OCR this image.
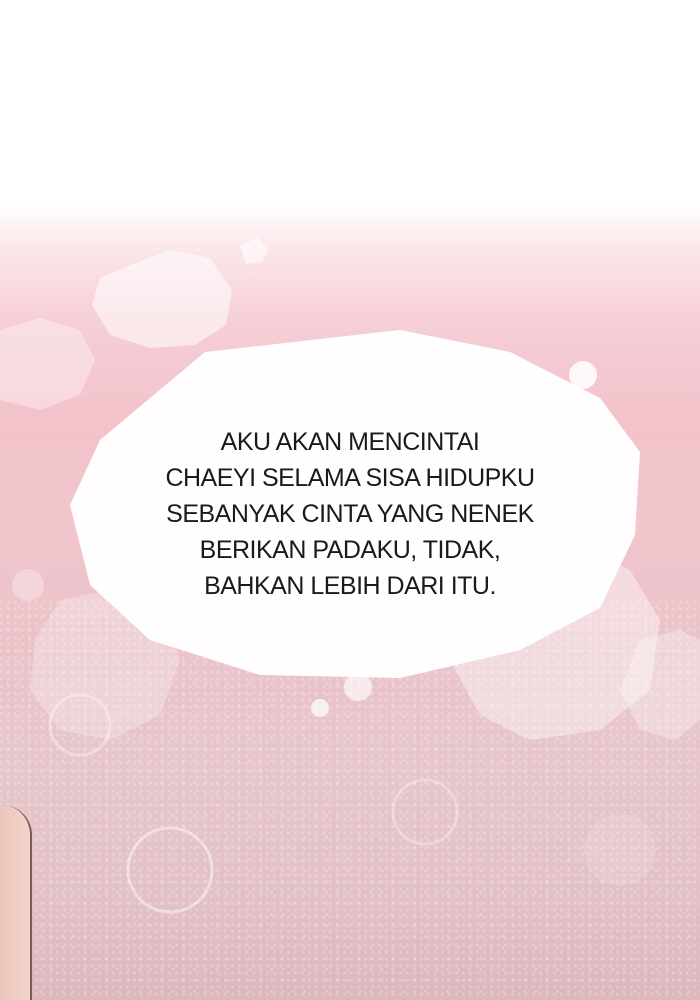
AKU AKAN MENCINTAI
CHAEYI SELAMA SISA HIDUPKU
SEBANYAK CINTA YANG NENEK
BERIKAN PADAKU, TIDAK,
BAHKAN LEBIH DARI ITU.
